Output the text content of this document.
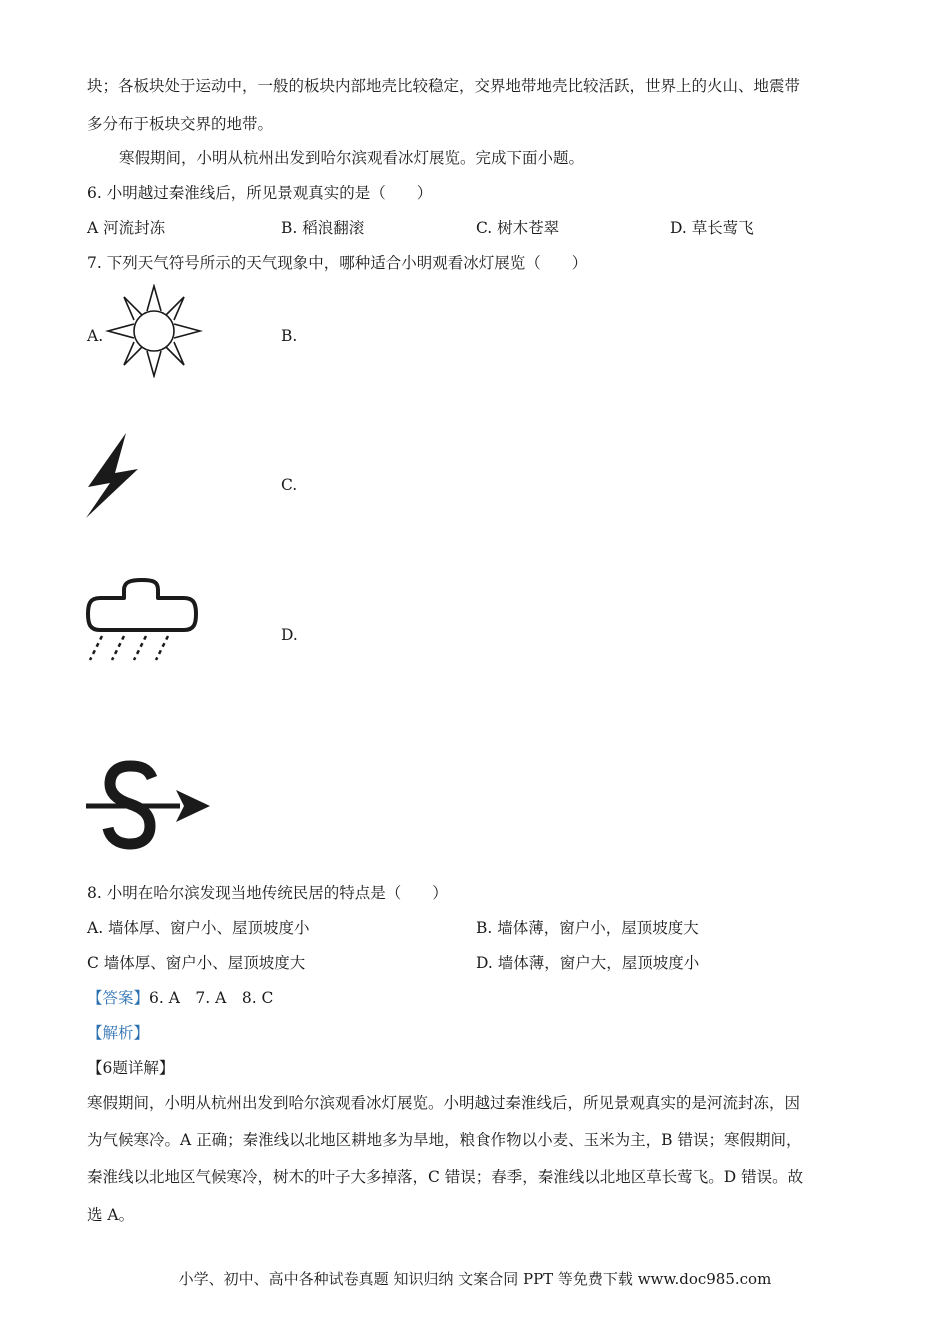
块；各板块处于运动中，一般的板块内部地壳比较稳定，交界地带地壳比较活跃，世界上的火山、地震带
多分布于板块交界的地带。
寒假期间，小明从杭州出发到哈尔滨观看冰灯展览。完成下面小题。
6. 小明越过秦淮线后，所见景观真实的是（　　）
A 河流封冻	B. 稻浪翻滚	C. 树木苍翠	D. 草长莺飞
7. 下列天气符号所示的天气现象中，哪种适合小明观看冰灯展览（　　）
A.	B.
C.
D.
8. 小明在哈尔滨发现当地传统民居的特点是（　　）
A. 墙体厚、窗户小、屋顶坡度小	B. 墙体薄，窗户小，屋顶坡度大
C 墙体厚、窗户小、屋顶坡度大	D. 墙体薄，窗户大，屋顶坡度小
【答案】6. A　7. A　8. C
【解析】
【6题详解】
寒假期间，小明从杭州出发到哈尔滨观看冰灯展览。小明越过秦淮线后，所见景观真实的是河流封冻，因
为气候寒冷。A 正确；秦淮线以北地区耕地多为旱地，粮食作物以小麦、玉米为主，B 错误；寒假期间，
秦淮线以北地区气候寒冷，树木的叶子大多掉落，C 错误；春季，秦淮线以北地区草长莺飞。D 错误。故
选 A。
小学、初中、高中各种试卷真题 知识归纳 文案合同 PPT 等免费下载 www.doc985.com
